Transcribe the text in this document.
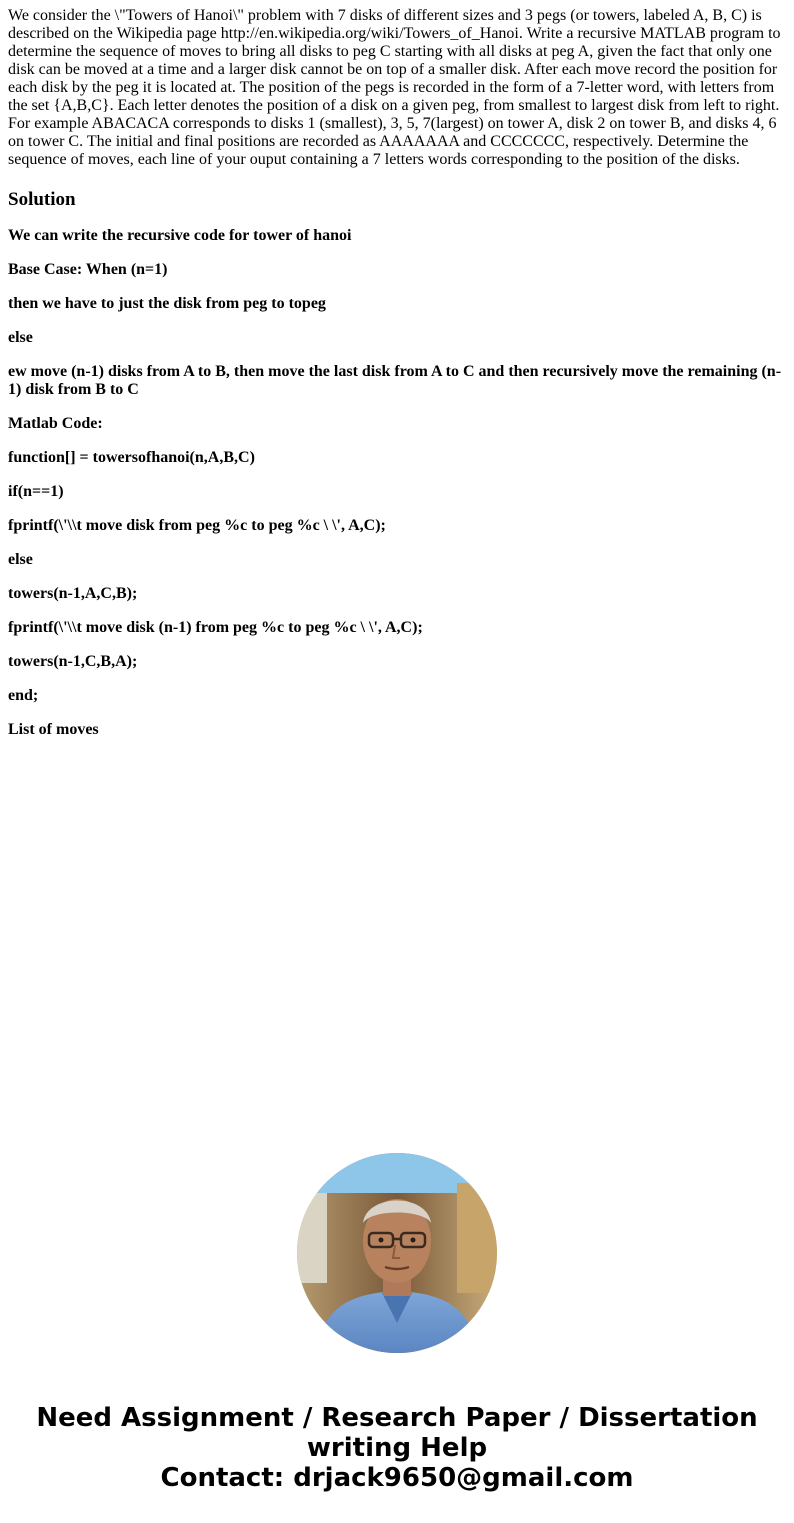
We consider the \"Towers of Hanoi\" problem with 7 disks of different sizes and 3 pegs (or towers, labeled A, B, C) is described on the Wikipedia page http://en.wikipedia.org/wiki/Towers_of_Hanoi. Write a recursive MATLAB program to determine the sequence of moves to bring all disks to peg C starting with all disks at peg A, given the fact that only one disk can be moved at a time and a larger disk cannot be on top of a smaller disk. After each move record the position for each disk by the peg it is located at. The position of the pegs is recorded in the form of a 7-letter word, with letters from the set {A,B,C}. Each letter denotes the position of a disk on a given peg, from smallest to largest disk from left to right. For example ABACACA corresponds to disks 1 (smallest), 3, 5, 7(largest) on tower A, disk 2 on tower B, and disks 4, 6 on tower C. The initial and final positions are recorded as AAAAAAA and CCCCCCC, respectively. Determine the sequence of moves, each line of your ouput containing a 7 letters words corresponding to the position of the disks.

Solution

We can write the recursive code for tower of hanoi

Base Case: When (n=1)

then we have to just the disk from peg to topeg

else

ew move (n-1) disks from A to B, then move the last disk from A to C and then recursively move the remaining (n-1) disk from B to C

Matlab Code:

function[] = towersofhanoi(n,A,B,C)

if(n==1)

fprintf(\'\\t move disk from peg %c to peg %c \ \', A,C);

else

towers(n-1,A,C,B);

fprintf(\'\\t move disk (n-1) from peg %c to peg %c \ \', A,C);

towers(n-1,C,B,A);

end;

List of moves

Need Assignment / Research Paper / Dissertation
writing Help
Contact: drjack9650@gmail.com
